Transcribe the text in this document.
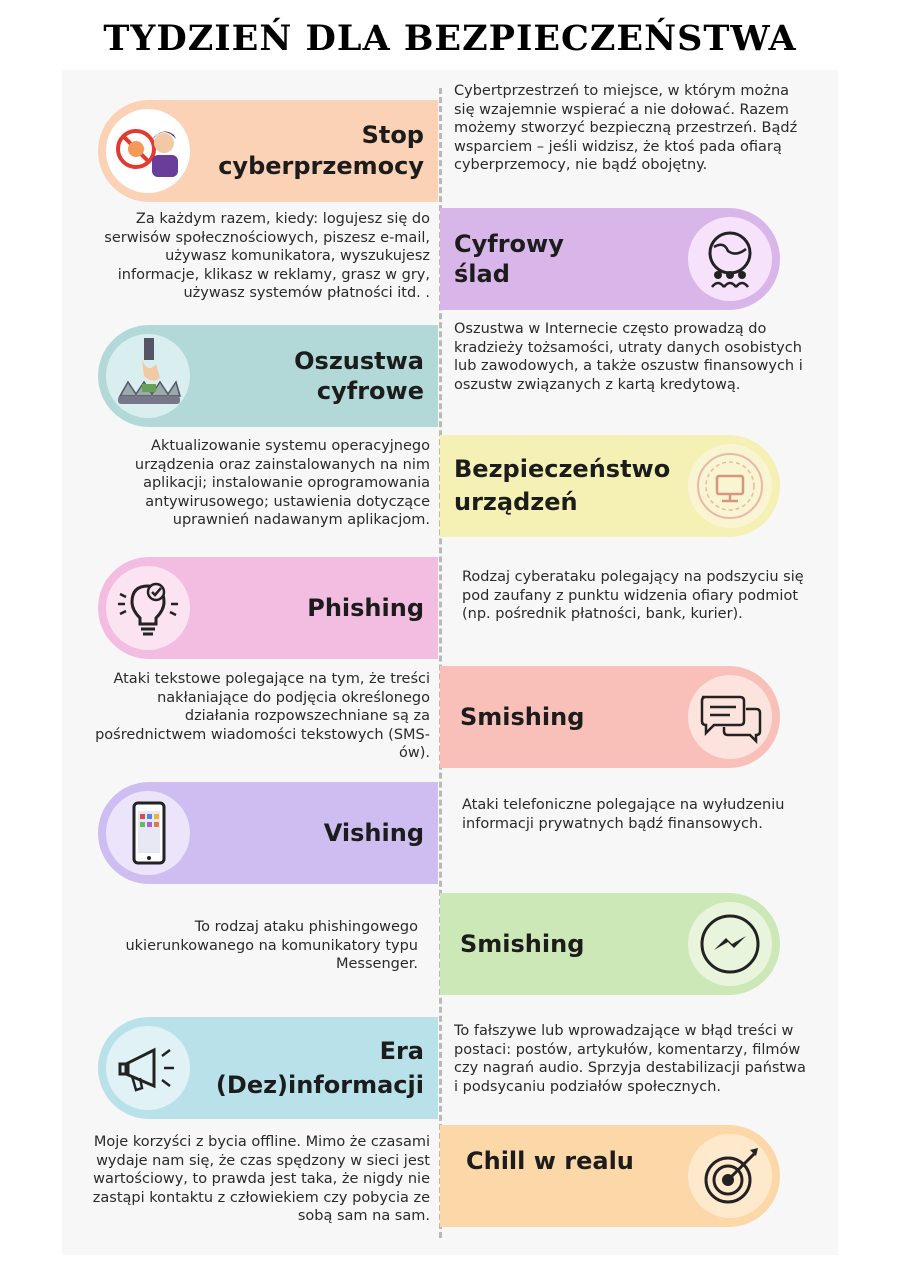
TYDZIEŃ DLA BEZPIECZEŃSTWA
Stop cyberprzemocy
Cybertprzestrzeń to miejsce, w którym można się wzajemnie wspierać a nie dołować. Razem możemy stworzyć bezpieczną przestrzeń. Bądź wsparciem – jeśli widzisz, że ktoś pada ofiarą cyberprzemocy, nie bądź obojętny.
Cyfrowy ślad
Za każdym razem, kiedy: logujesz się do serwisów społecznościowych, piszesz e-mail, używasz komunikatora, wyszukujesz informacje, klikasz w reklamy, grasz w gry, używasz systemów płatności itd. .
Oszustwa cyfrowe
Oszustwa w Internecie często prowadzą do kradzieży tożsamości, utraty danych osobistych lub zawodowych, a także oszustw finansowych i oszustw związanych z kartą kredytową.
Bezpieczeństwo urządzeń
Aktualizowanie systemu operacyjnego urządzenia oraz zainstalowanych na nim aplikacji; instalowanie oprogramowania antywirusowego; ustawienia dotyczące uprawnień nadawanym aplikacjom.
Phishing
Rodzaj cyberataku polegający na podszyciu się pod zaufany z punktu widzenia ofiary podmiot (np. pośrednik płatności, bank, kurier).
Smishing
Ataki tekstowe polegające na tym, że treści nakłaniające do podjęcia określonego działania rozpowszechniane są za pośrednictwem wiadomości tekstowych (SMS-ów).
Vishing
Ataki telefoniczne polegające na wyłudzeniu informacji prywatnych bądź finansowych.
Smishing
To rodzaj ataku phishingowego ukierunkowanego na komunikatory typu Messenger.
Era (Dez)informacji
To fałszywe lub wprowadzające w błąd treści w postaci: postów, artykułów, komentarzy, filmów czy nagrań audio. Sprzyja destabilizacji państwa i podsycaniu podziałów społecznych.
Chill w realu
Moje korzyści z bycia offline. Mimo że czasami wydaje nam się, że czas spędzony w sieci jest wartościowy, to prawda jest taka, że nigdy nie zastąpi kontaktu z człowiekiem czy pobycia ze sobą sam na sam.
